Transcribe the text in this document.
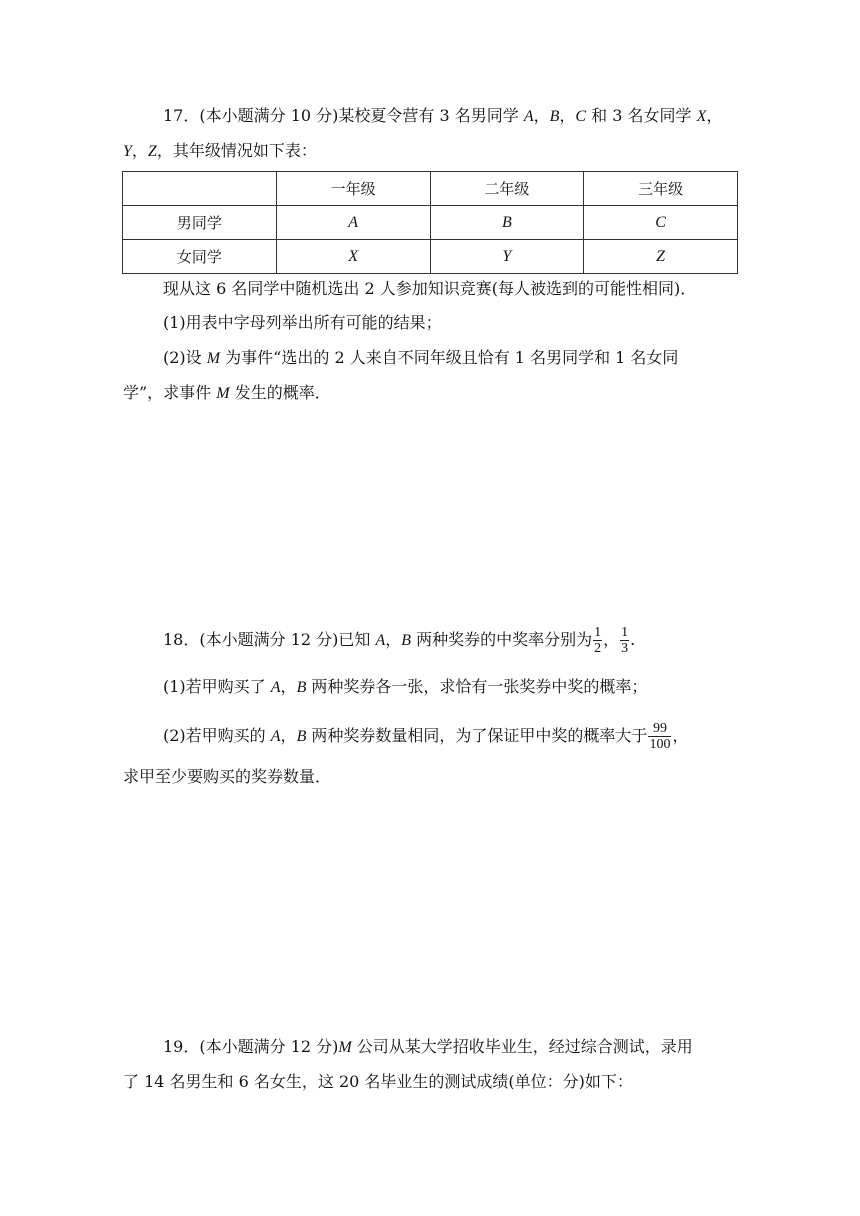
17．(本小题满分 10 分)某校夏令营有 3 名男同学 A，B，C 和 3 名女同学 X，
Y，Z，其年级情况如下表：
	一年级	二年级	三年级
男同学	A	B	C
女同学	X	Y	Z
现从这 6 名同学中随机选出 2 人参加知识竞赛(每人被选到的可能性相同)．
(1)用表中字母列举出所有可能的结果；
(2)设 M 为事件“选出的 2 人来自不同年级且恰有 1 名男同学和 1 名女同
学”，求事件 M 发生的概率．
18．(本小题满分 12 分)已知 A，B 两种奖券的中奖率分别为 $\frac{1}{2}$ ， $\frac{1}{3}$ .
(1)若甲购买了 A，B 两种奖券各一张，求恰有一张奖券中奖的概率；
(2)若甲购买的 A，B 两种奖券数量相同，为了保证甲中奖的概率大于 $\frac{99}{100}$ ，
求甲至少要购买的奖券数量．
19．(本小题满分 12 分)M 公司从某大学招收毕业生，经过综合测试，录用
了 14 名男生和 6 名女生，这 20 名毕业生的测试成绩(单位：分)如下：
